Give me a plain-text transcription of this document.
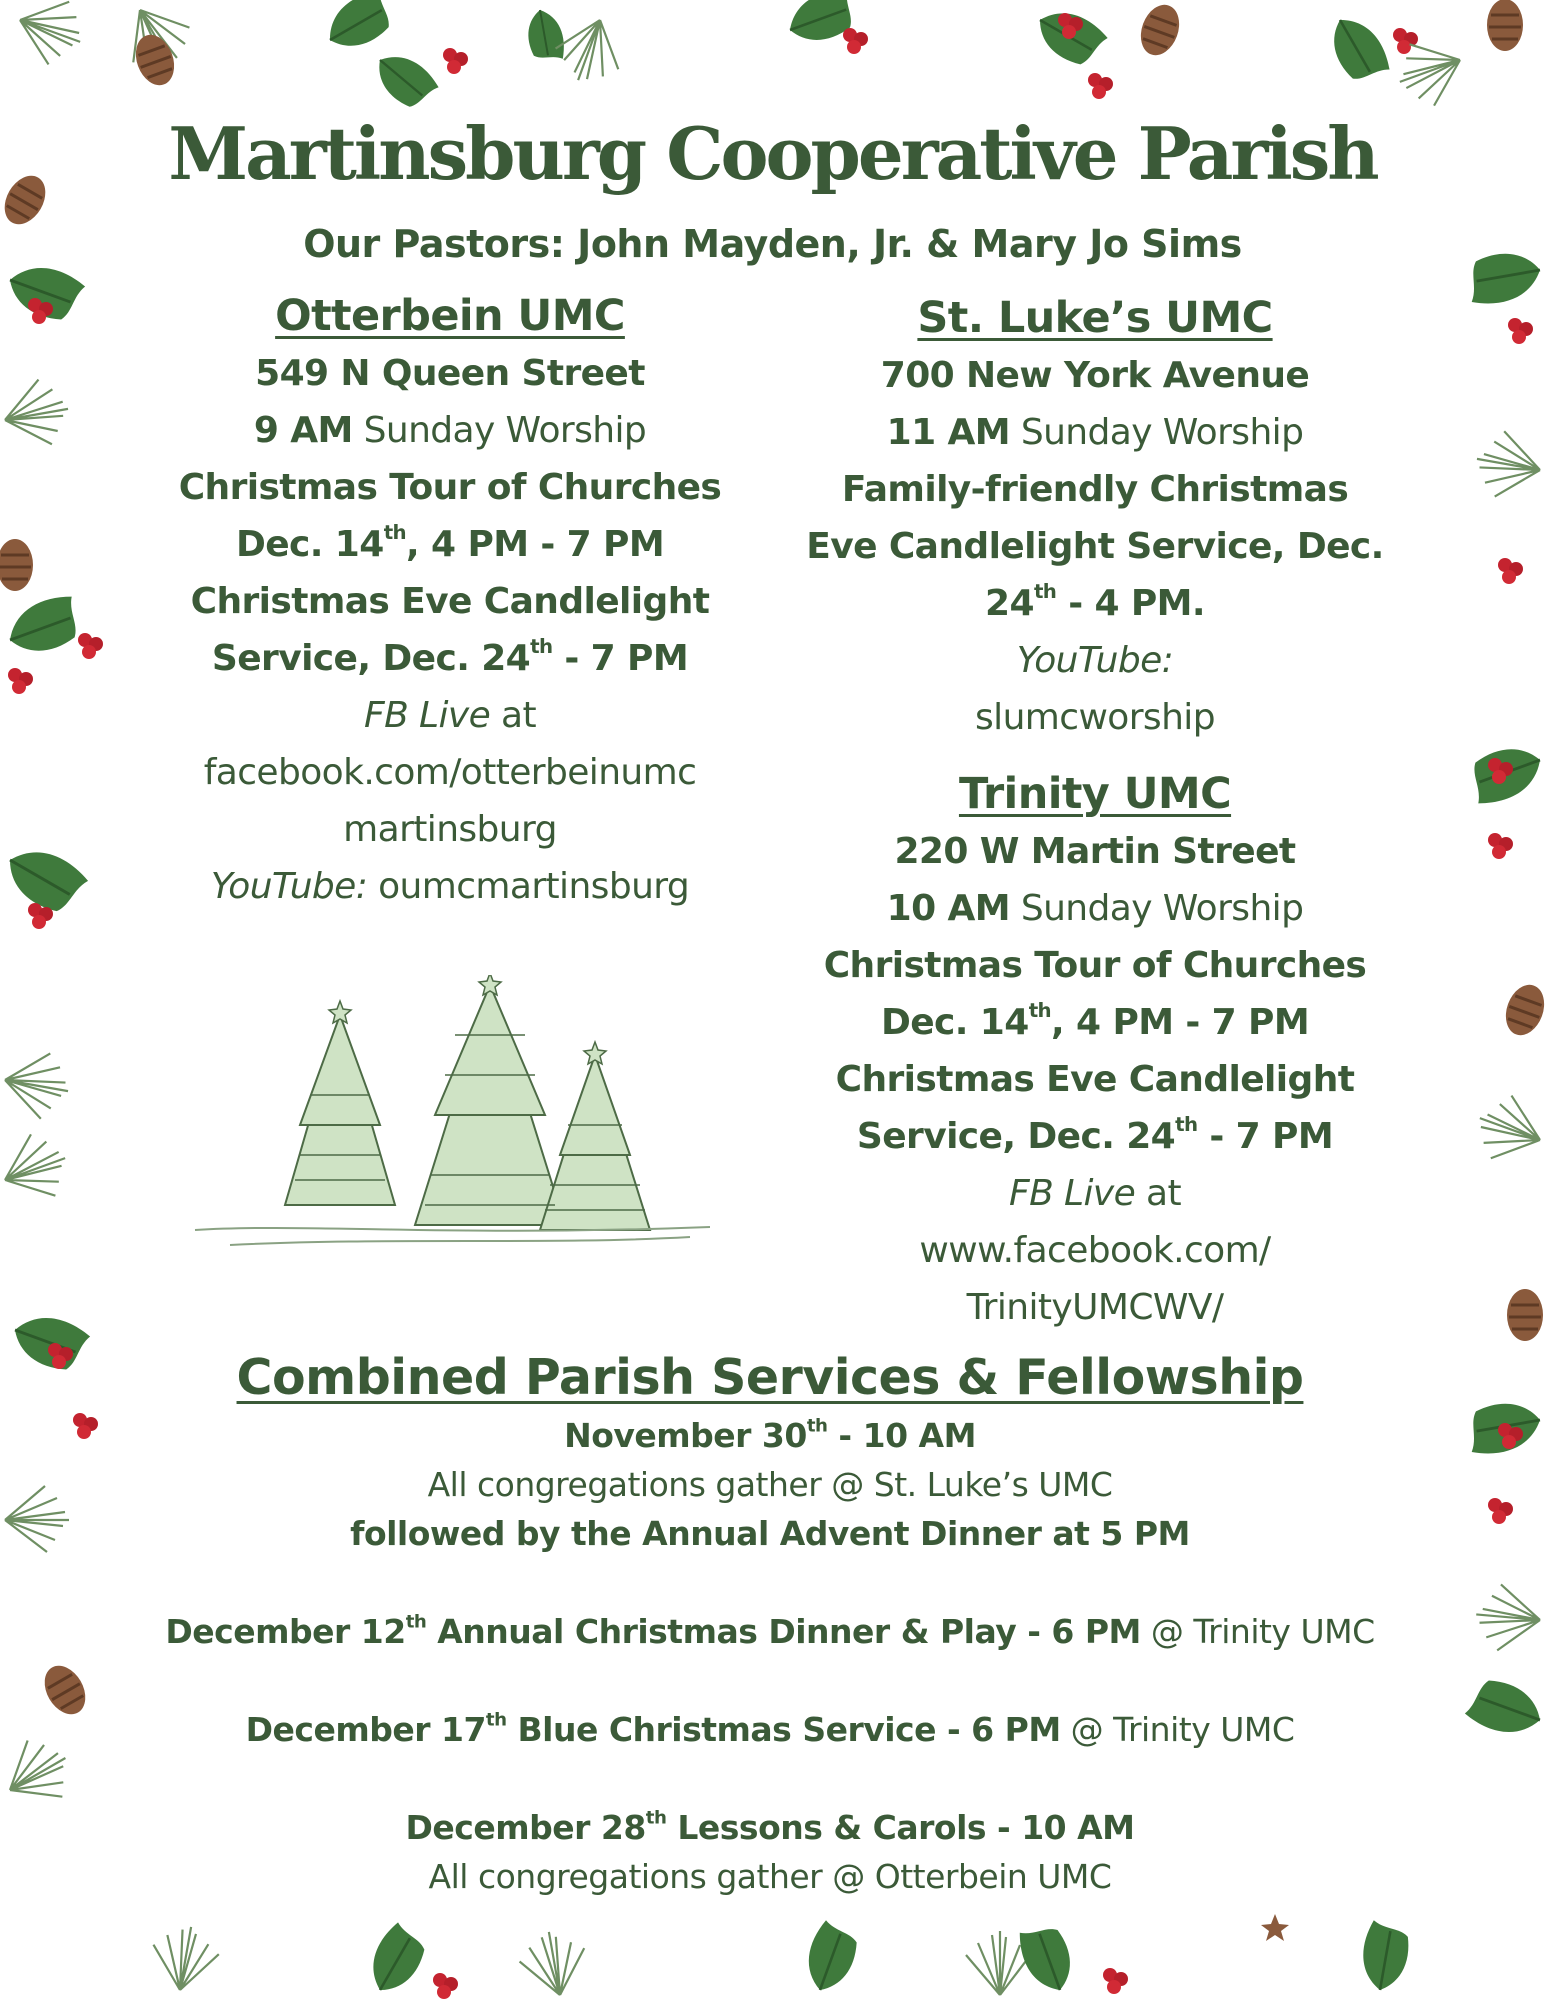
Martinsburg Cooperative Parish
Our Pastors: John Mayden, Jr. & Mary Jo Sims
Otterbein UMC
549 N Queen Street
9 AM Sunday Worship
Christmas Tour of Churches
Dec. 14th, 4 PM - 7 PM
Christmas Eve Candlelight
Service, Dec. 24th - 7 PM
FB Live at
facebook.com/otterbeinumc
martinsburg
YouTube: oumcmartinsburg
St. Luke’s UMC
700 New York Avenue
11 AM Sunday Worship
Family-friendly Christmas
Eve Candlelight Service, Dec.
24th - 4 PM.
YouTube:
slumcworship
Trinity UMC
220 W Martin Street
10 AM Sunday Worship
Christmas Tour of Churches
Dec. 14th, 4 PM - 7 PM
Christmas Eve Candlelight
Service, Dec. 24th - 7 PM
FB Live at
www.facebook.com/
TrinityUMCWV/
Combined Parish Services & Fellowship
November 30th - 10 AM
All congregations gather @ St. Luke’s UMC
followed by the Annual Advent Dinner at 5 PM
December 12th Annual Christmas Dinner & Play - 6 PM @ Trinity UMC
December 17th Blue Christmas Service - 6 PM @ Trinity UMC
December 28th Lessons & Carols - 10 AM
All congregations gather @ Otterbein UMC
